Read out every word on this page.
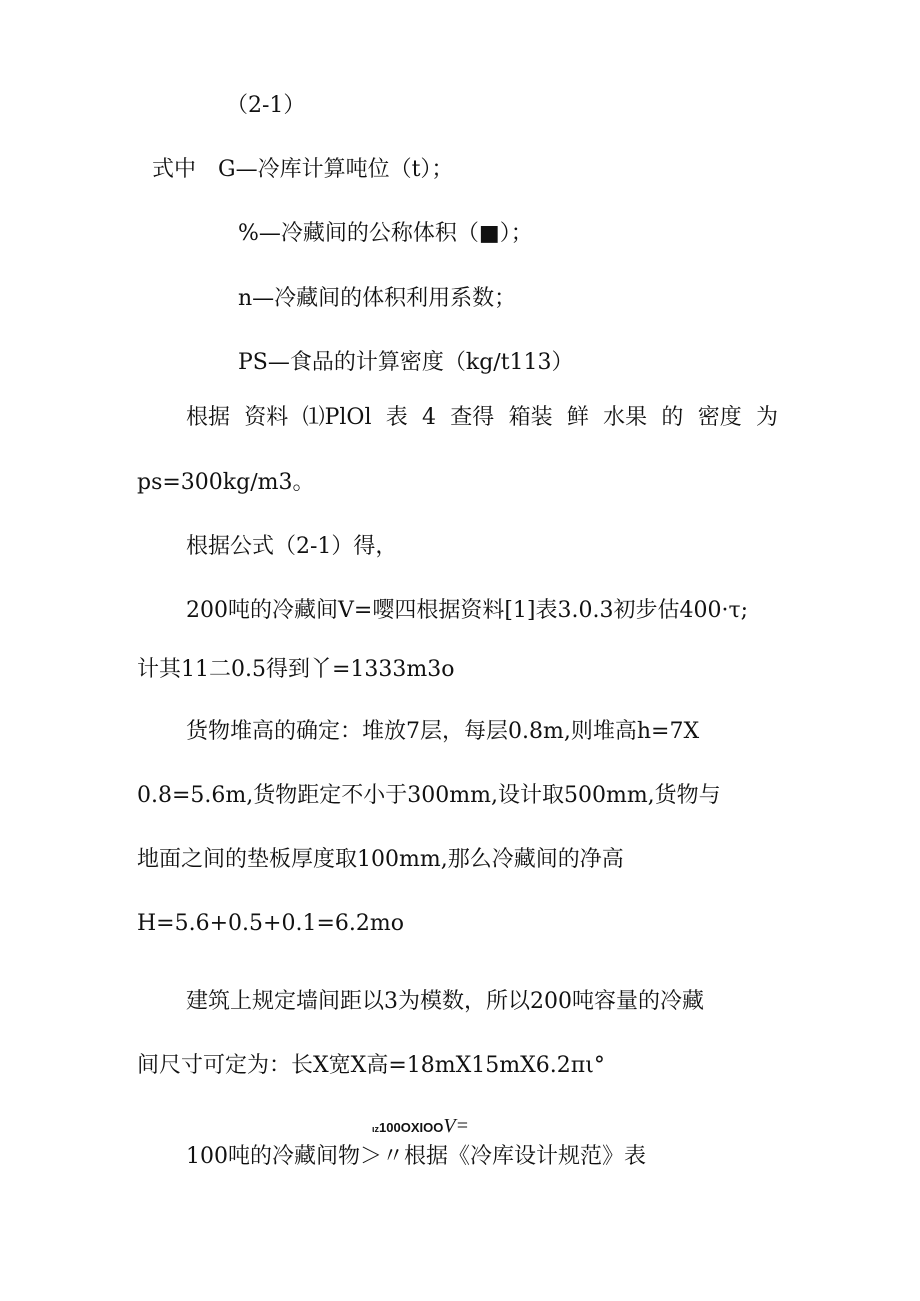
（2-1）

式中　G—冷库计算吨位（t）；

%—冷藏间的公称体积（■）；

n—冷藏间的体积利用系数；

PS—食品的计算密度（kg∕t113）

根据 资料 ⑴PlOl 表 4 查得 箱装 鲜 水果 的 密度 为

ps=300kg∕m3。

根据公式（2-1）得，

200吨的冷藏间V=嘤四根据资料[1]表3.0.3初步估400·τ;

计其11二0.5得到丫=1333m3o

货物堆高的确定：堆放7层，每层0.8m,则堆高h=7X

0.8=5.6m,货物距定不小于300mm,设计取500mm,货物与

地面之间的垫板厚度取100mm,那么冷藏间的净高

H=5.6+0.5+0.1=6.2mo

建筑上规定墙间距以3为模数，所以200吨容量的冷藏

间尺寸可定为：长X宽X高=18mX15mX6.2πι°

ιz100OXIOOV=

100吨的冷藏间物＞〃根据《冷库设计规范》表
